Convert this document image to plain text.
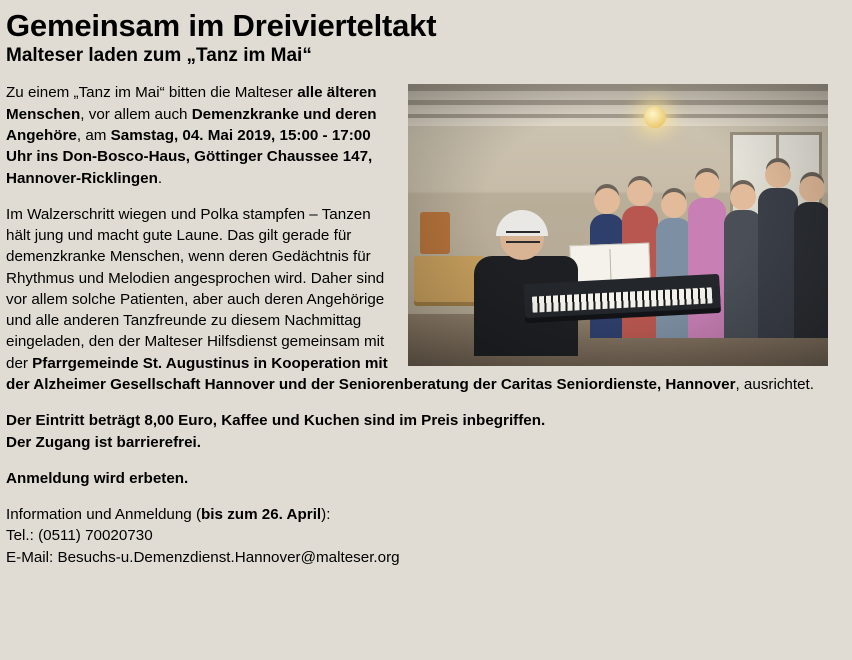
Gemeinsam im Dreivierteltakt
Malteser laden zum „Tanz im Mai“

Zu einem „Tanz im Mai“ bitten die Malteser alle älteren Menschen, vor allem auch Demenzkranke und deren Angehöre, am Samstag, 04. Mai 2019, 15:00 - 17:00 Uhr ins Don-Bosco-Haus, Göttinger Chaussee 147, Hannover-Ricklingen.

Im Walzerschritt wiegen und Polka stampfen – Tanzen hält jung und macht gute Laune. Das gilt gerade für demenzkranke Menschen, wenn deren Gedächtnis für Rhythmus und Melodien angesprochen wird. Daher sind vor allem solche Patienten, aber auch deren Angehörige und alle anderen Tanzfreunde zu diesem Nachmittag eingeladen, den der Malteser Hilfsdienst gemeinsam mit der Pfarrgemeinde St. Augustinus in Kooperation mit der Alzheimer Gesellschaft Hannover und der Seniorenberatung der Caritas Seniordienste, Hannover, ausrichtet.

Der Eintritt beträgt 8,00 Euro, Kaffee und Kuchen sind im Preis inbegriffen.
Der Zugang ist barrierefrei.

Anmeldung wird erbeten.

Information und Anmeldung (bis zum 26. April):
Tel.: (0511) 70020730
E-Mail: Besuchs-u.Demenzdienst.Hannover@malteser.org
